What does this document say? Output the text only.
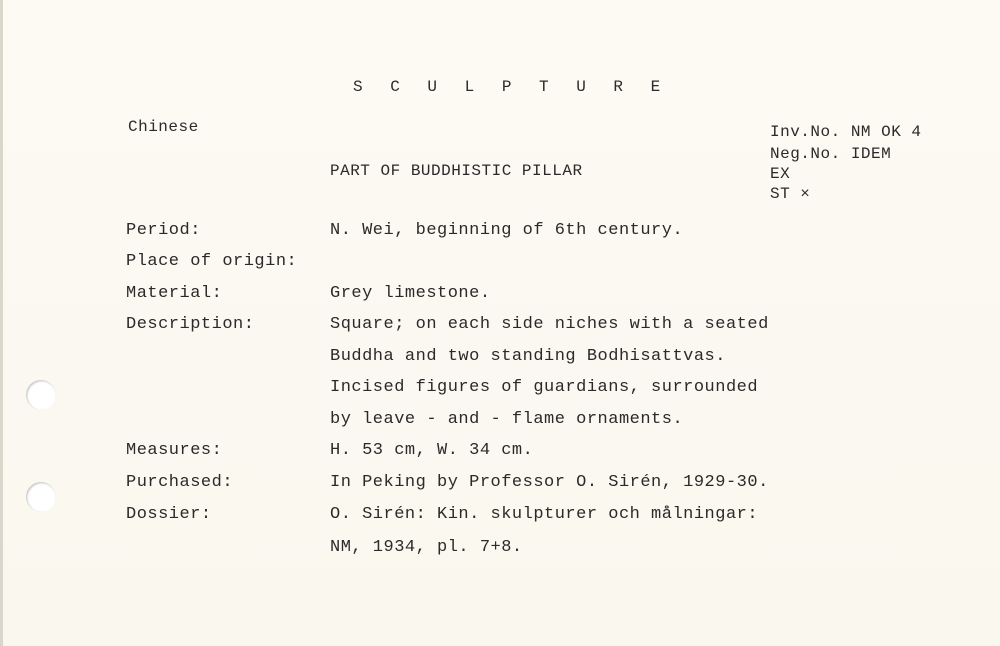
S C U L P T U R E
Chinese
PART OF BUDDHISTIC PILLAR
Inv.No. NM OK 4
Neg.No. IDEM
EX
ST ×
Period:	N. Wei, beginning of 6th century.
Place of origin:
Material:	Grey limestone.
Description:	Square; on each side niches with a seated
Buddha and two standing Bodhisattvas.
Incised figures of guardians, surrounded
by leave - and - flame ornaments.
Measures:	H. 53 cm, W. 34 cm.
Purchased:	In Peking by Professor O. Sirén, 1929-30.
Dossier:	O. Sirén: Kin. skulpturer och målningar:
NM, 1934, pl. 7+8.
